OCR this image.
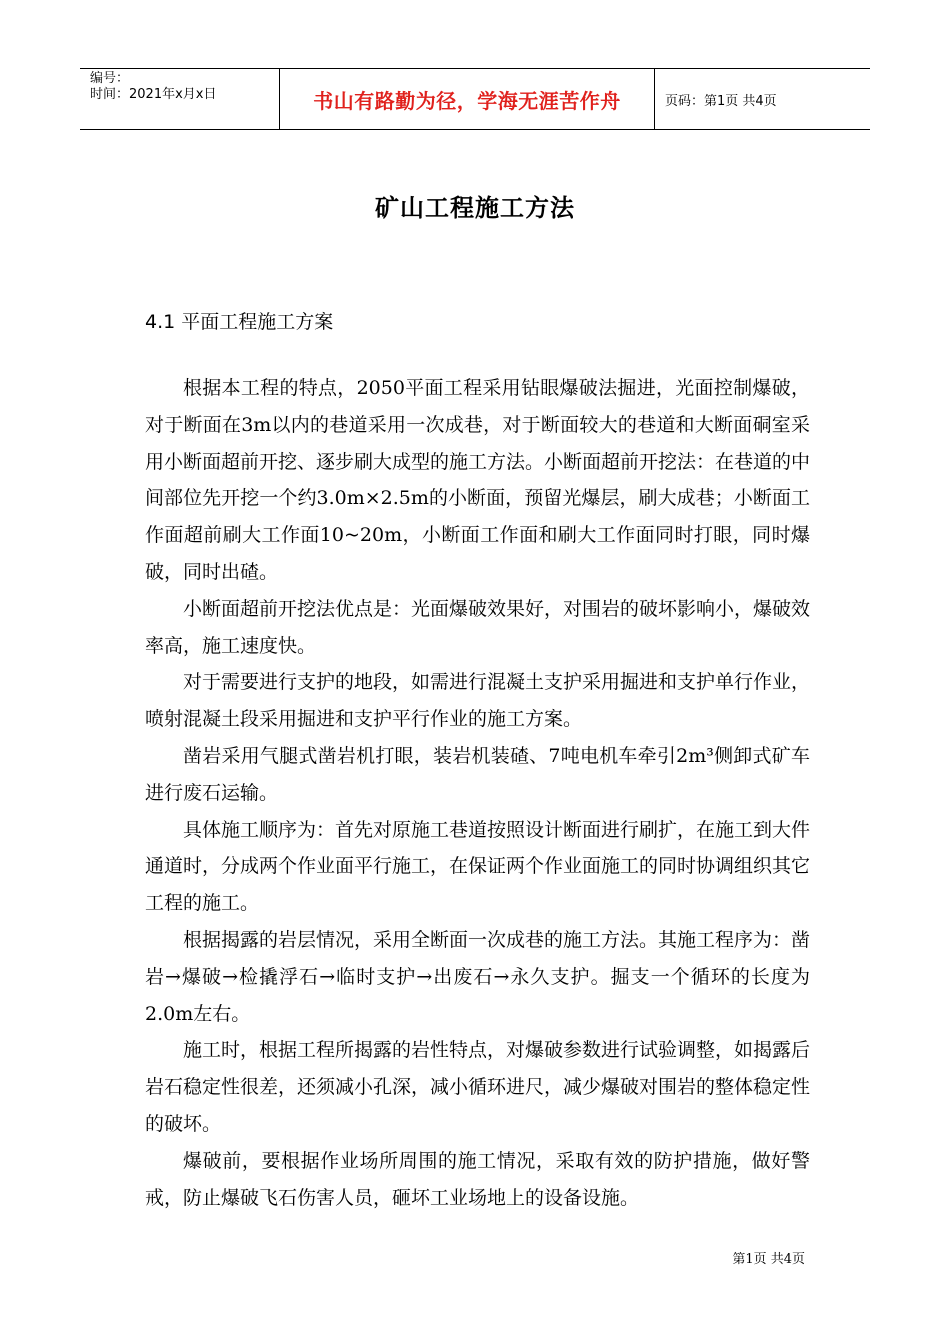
编号：
时间：2021年x月x日	书山有路勤为径，学海无涯苦作舟	页码：第1页 共4页
矿山工程施工方法
4.1 平面工程施工方案

根据本工程的特点，2050平面工程采用钻眼爆破法掘进，光面控制爆破，对于断面在3m以内的巷道采用一次成巷，对于断面较大的巷道和大断面硐室采用小断面超前开挖、逐步刷大成型的施工方法。小断面超前开挖法：在巷道的中间部位先开挖一个约3.0m×2.5m的小断面，预留光爆层，刷大成巷；小断面工作面超前刷大工作面10~20m，小断面工作面和刷大工作面同时打眼，同时爆破，同时出碴。

小断面超前开挖法优点是：光面爆破效果好，对围岩的破坏影响小，爆破效率高，施工速度快。

对于需要进行支护的地段，如需进行混凝土支护采用掘进和支护单行作业，喷射混凝土段采用掘进和支护平行作业的施工方案。

凿岩采用气腿式凿岩机打眼，装岩机装碴、7吨电机车牵引2m³侧卸式矿车进行废石运输。

具体施工顺序为：首先对原施工巷道按照设计断面进行刷扩，在施工到大件通道时，分成两个作业面平行施工，在保证两个作业面施工的同时协调组织其它工程的施工。

根据揭露的岩层情况，采用全断面一次成巷的施工方法。其施工程序为：凿岩→爆破→检撬浮石→临时支护→出废石→永久支护。掘支一个循环的长度为2.0m左右。

施工时，根据工程所揭露的岩性特点，对爆破参数进行试验调整，如揭露后岩石稳定性很差，还须减小孔深，减小循环进尺，减少爆破对围岩的整体稳定性的破坏。

爆破前，要根据作业场所周围的施工情况，采取有效的防护措施，做好警戒，防止爆破飞石伤害人员，砸坏工业场地上的设备设施。

第1页 共4页
